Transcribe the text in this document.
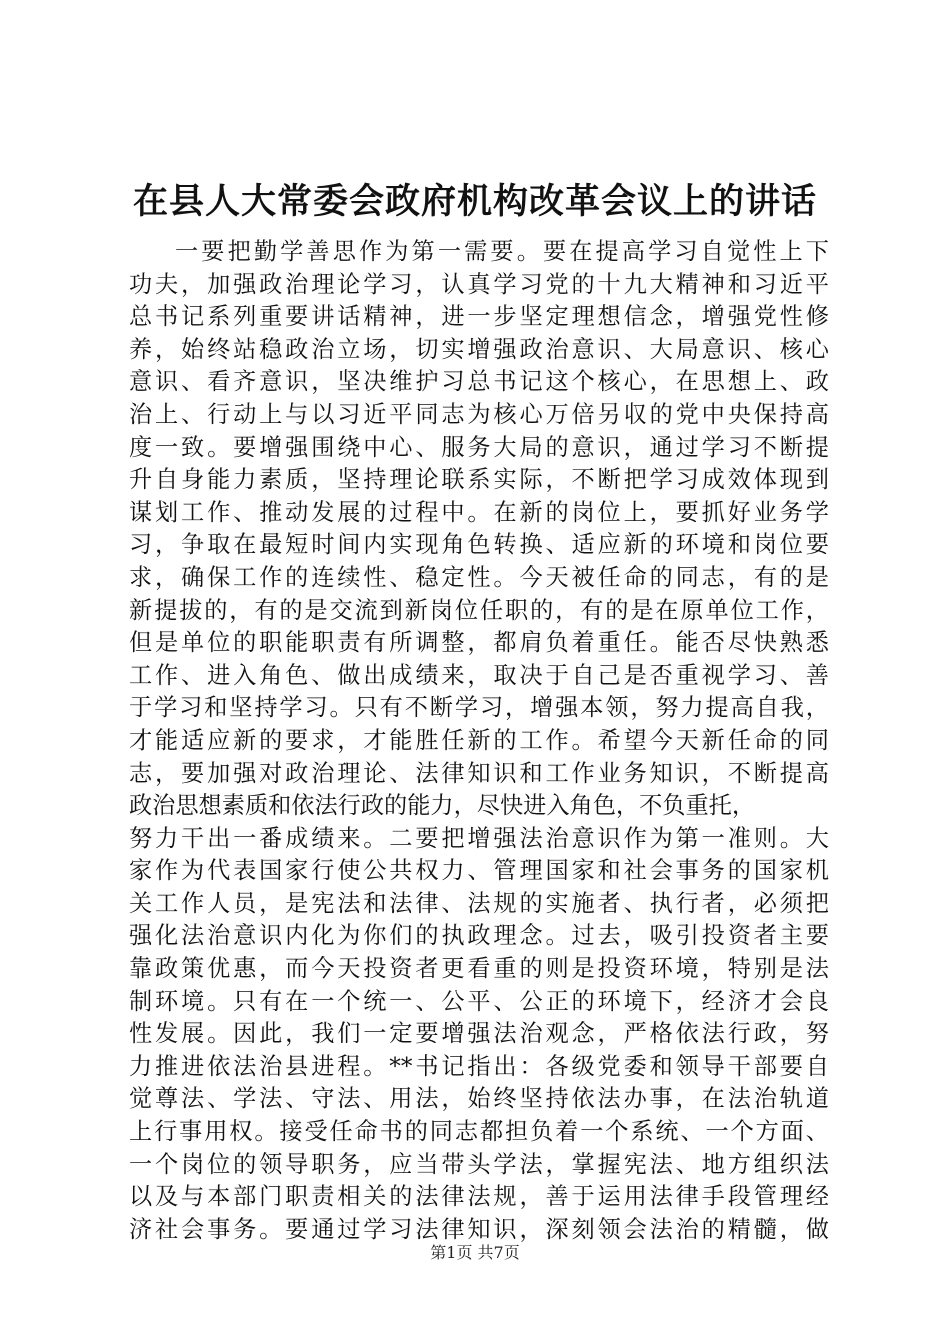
在县人大常委会政府机构改革会议上的讲话
一要把勤学善思作为第一需要。要在提高学习自觉性上下
功夫，加强政治理论学习，认真学习党的十九大精神和习近平
总书记系列重要讲话精神，进一步坚定理想信念，增强党性修
养，始终站稳政治立场，切实增强政治意识、大局意识、核心
意识、看齐意识，坚决维护习总书记这个核心，在思想上、政
治上、行动上与以习近平同志为核心万倍另収的党中央保持高
度一致。要增强围绕中心、服务大局的意识，通过学习不断提
升自身能力素质，坚持理论联系实际，不断把学习成效体现到
谋划工作、推动发展的过程中。在新的岗位上，要抓好业务学
习，争取在最短时间内实现角色转换、适应新的环境和岗位要
求，确保工作的连续性、稳定性。今天被任命的同志，有的是
新提拔的，有的是交流到新岗位任职的，有的是在原单位工作，
但是单位的职能职责有所调整，都肩负着重任。能否尽快熟悉
工作、进入角色、做出成绩来，取决于自己是否重视学习、善
于学习和坚持学习。只有不断学习，增强本领，努力提高自我，
才能适应新的要求，才能胜任新的工作。希望今天新任命的同
志，要加强对政治理论、法律知识和工作业务知识，不断提高
政治思想素质和依法行政的能力，尽快进入角色，不负重托，
努力干出一番成绩来。二要把增强法治意识作为第一准则。大
家作为代表国家行使公共权力、管理国家和社会事务的国家机
关工作人员，是宪法和法律、法规的实施者、执行者，必须把
强化法治意识内化为你们的执政理念。过去，吸引投资者主要
靠政策优惠，而今天投资者更看重的则是投资环境，特别是法
制环境。只有在一个统一、公平、公正的环境下，经济才会良
性发展。因此，我们一定要增强法治观念，严格依法行政，努
力推进依法治县进程。**书记指出：各级党委和领导干部要自
觉尊法、学法、守法、用法，始终坚持依法办事，在法治轨道
上行事用权。接受任命书的同志都担负着一个系统、一个方面、
一个岗位的领导职务，应当带头学法，掌握宪法、地方组织法
以及与本部门职责相关的法律法规，善于运用法律手段管理经
济社会事务。要通过学习法律知识，深刻领会法治的精髓，做
第1页 共7页
